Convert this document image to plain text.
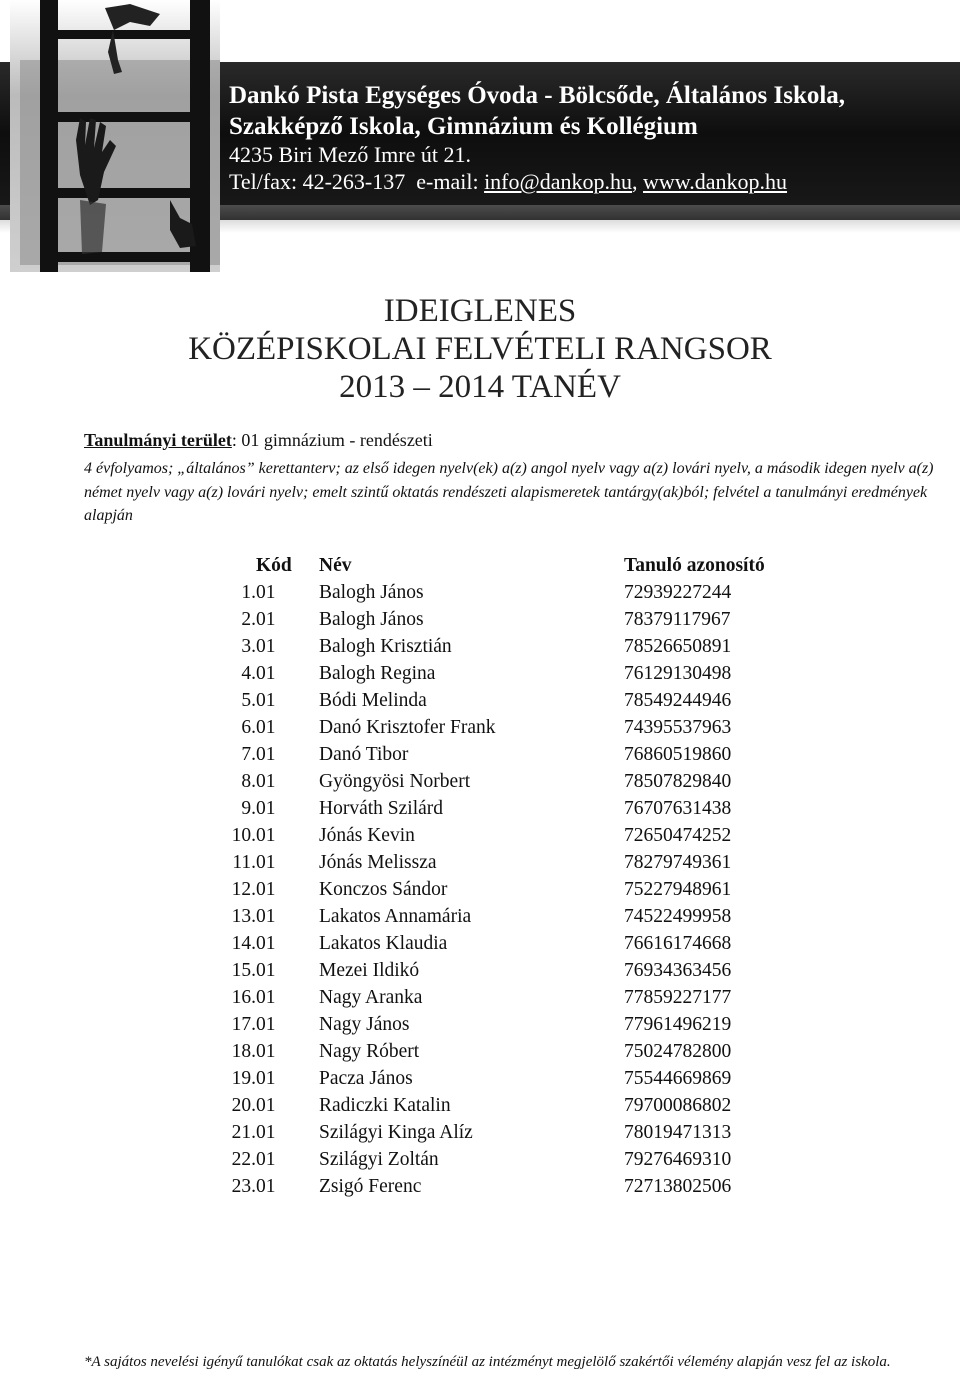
Dankó Pista Egységes Óvoda - Bölcsőde, Általános Iskola,

Szakképző Iskola, Gimnázium és Kollégium

4235 Biri Mező Imre út 21.

Tel/fax: 42-263-137  e-mail: info@dankop.hu, www.dankop.hu

IDEIGLENES
KÖZÉPISKOLAI FELVÉTELI RANGSOR
2013 – 2014 TANÉV
Tanulmányi terület: 01 gimnázium - rendészeti
4 évfolyamos; „általános” kerettanterv; az első idegen nyelv(ek) a(z) angol nyelv vagy a(z) lovári nyelv, a második idegen nyelv a(z) német nyelv vagy a(z) lovári nyelv; emelt szintű oktatás rendészeti alapismeretek tantárgy(ak)ból; felvétel a tanulmányi eredmények alapján
	Kód	Név	Tanuló azonosító
1.	01	Balogh János	72939227244
2.	01	Balogh János	78379117967
3.	01	Balogh Krisztián	78526650891
4.	01	Balogh Regina	76129130498
5.	01	Bódi Melinda	78549244946
6.	01	Danó Krisztofer Frank	74395537963
7.	01	Danó Tibor	76860519860
8.	01	Gyöngyösi Norbert	78507829840
9.	01	Horváth Szilárd	76707631438
10.	01	Jónás Kevin	72650474252
11.	01	Jónás Melissza	78279749361
12.	01	Konczos Sándor	75227948961
13.	01	Lakatos Annamária	74522499958
14.	01	Lakatos Klaudia	76616174668
15.	01	Mezei Ildikó	76934363456
16.	01	Nagy Aranka	77859227177
17.	01	Nagy János	77961496219
18.	01	Nagy Róbert	75024782800
19.	01	Pacza János	75544669869
20.	01	Radiczki Katalin	79700086802
21.	01	Szilágyi Kinga Alíz	78019471313
22.	01	Szilágyi Zoltán	79276469310
23.	01	Zsigó Ferenc	72713802506
*A sajátos nevelési igényű tanulókat csak az oktatás helyszínéül az intézményt megjelölő szakértői vélemény alapján vesz fel az iskola.
